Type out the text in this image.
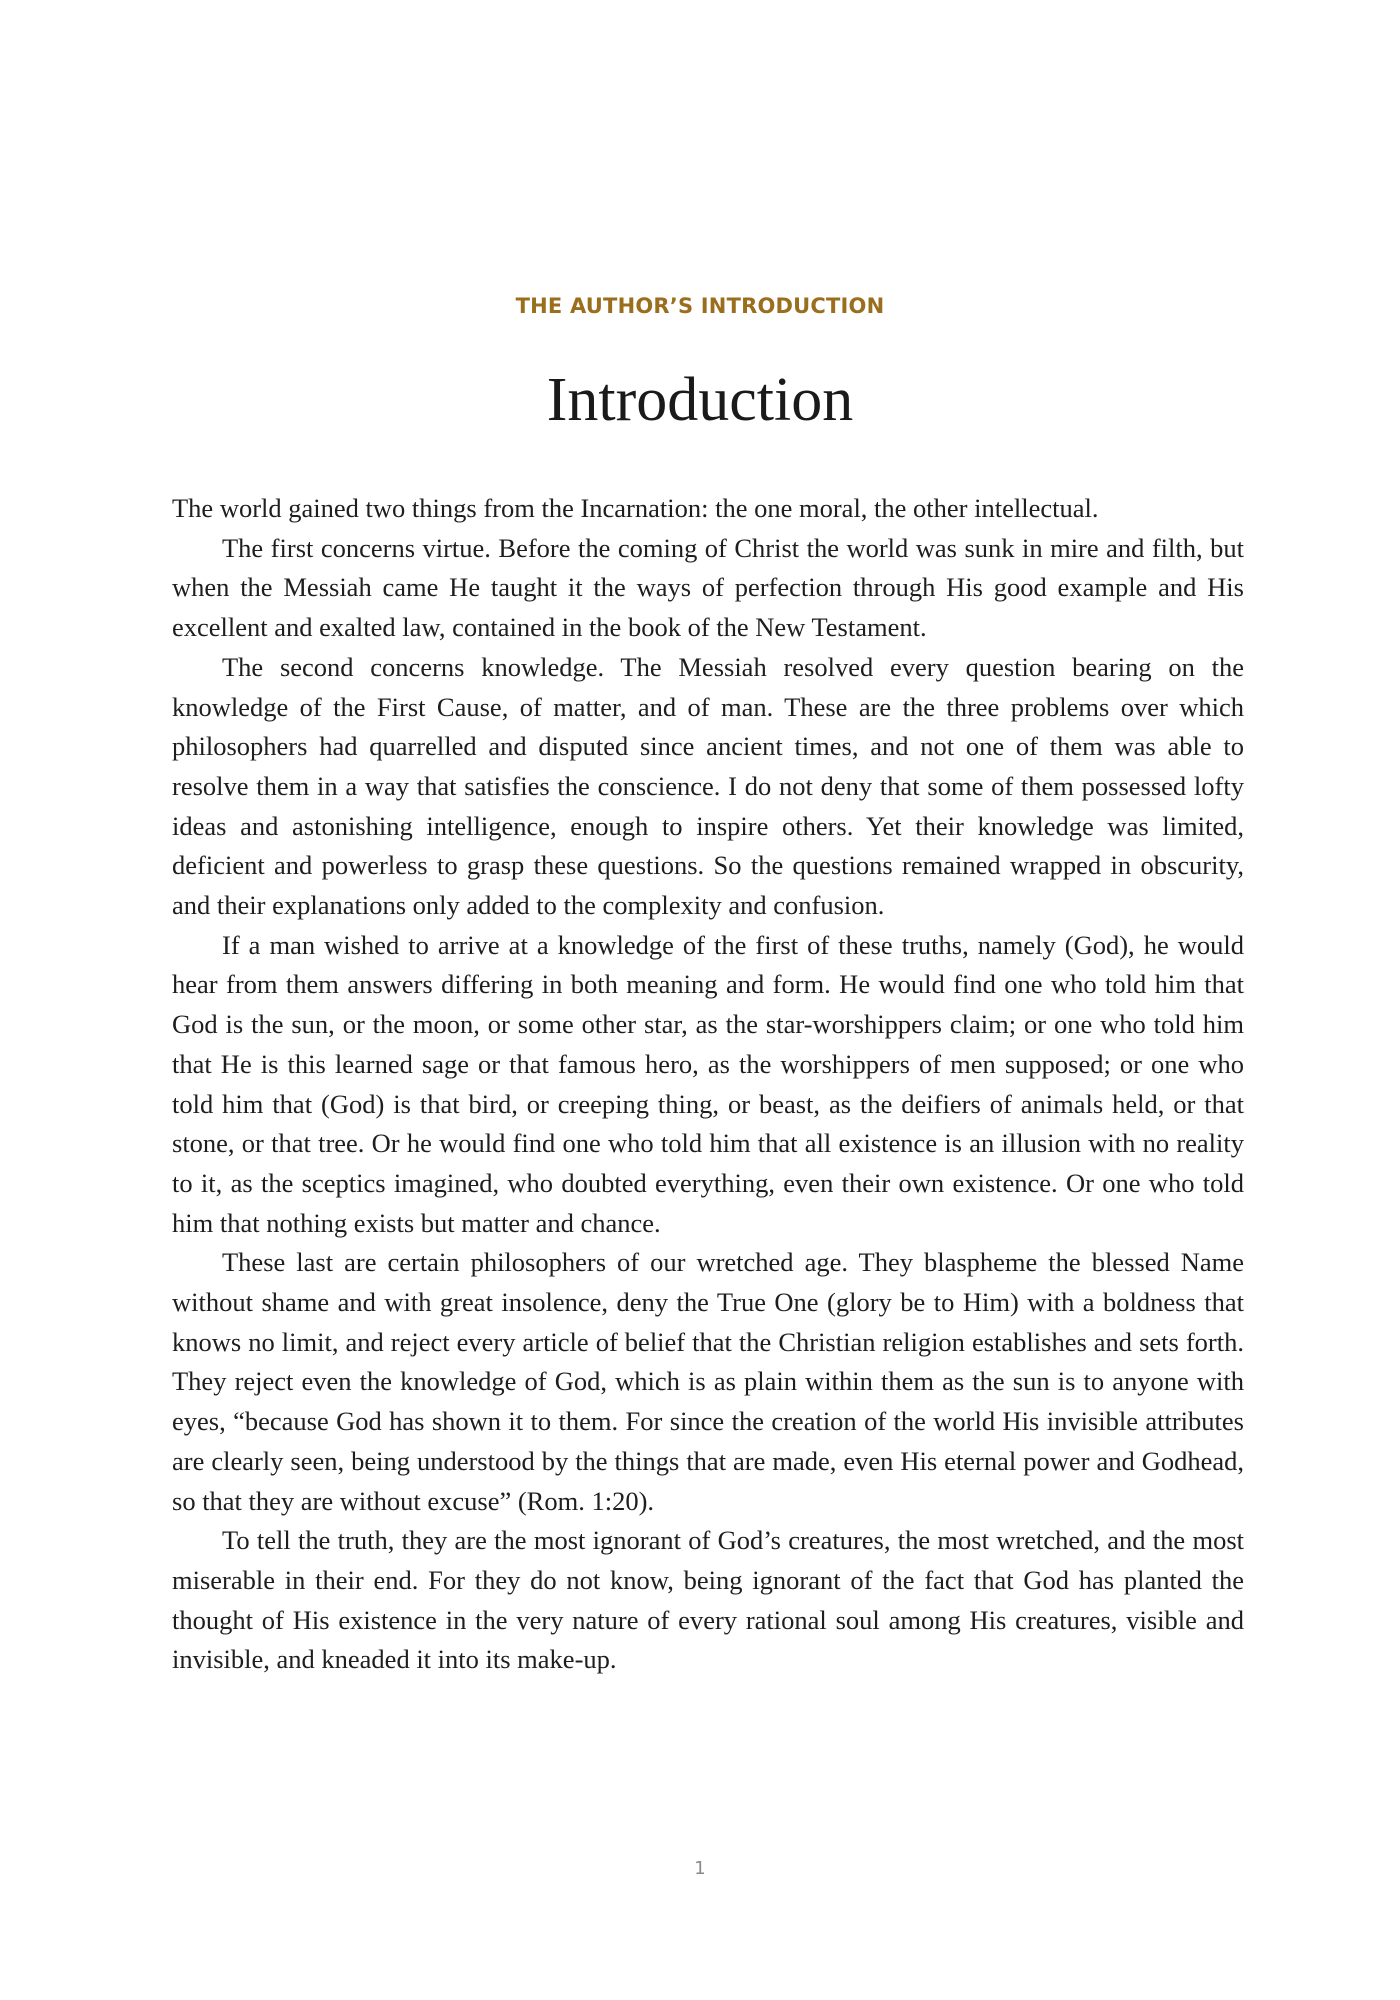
THE AUTHOR’S INTRODUCTION
Introduction

The world gained two things from the Incarnation: the one moral, the other intellectual.

The first concerns virtue. Before the coming of Christ the world was sunk in mire and filth, but when the Messiah came He taught it the ways of perfection through His good example and His excellent and exalted law, contained in the book of the New Testament.

The second concerns knowledge. The Messiah resolved every question bearing on the knowledge of the First Cause, of matter, and of man. These are the three problems over which philosophers had quarrelled and disputed since ancient times, and not one of them was able to resolve them in a way that satisfies the conscience. I do not deny that some of them possessed lofty ideas and astonishing intelligence, enough to inspire others. Yet their knowledge was limited, deficient and powerless to grasp these questions. So the questions remained wrapped in obscurity, and their explanations only added to the complexity and confusion.

If a man wished to arrive at a knowledge of the first of these truths, namely (God), he would hear from them answers differing in both meaning and form. He would find one who told him that God is the sun, or the moon, or some other star, as the star-worshippers claim; or one who told him that He is this learned sage or that famous hero, as the worshippers of men supposed; or one who told him that (God) is that bird, or creeping thing, or beast, as the deifiers of animals held, or that stone, or that tree. Or he would find one who told him that all existence is an illusion with no reality to it, as the sceptics imagined, who doubted everything, even their own existence. Or one who told him that nothing exists but matter and chance.

These last are certain philosophers of our wretched age. They blaspheme the blessed Name without shame and with great insolence, deny the True One (glory be to Him) with a boldness that knows no limit, and reject every article of belief that the Christian religion establishes and sets forth. They reject even the knowledge of God, which is as plain within them as the sun is to anyone with eyes, “because God has shown it to them. For since the creation of the world His invisible attributes are clearly seen, being understood by the things that are made, even His eternal power and Godhead, so that they are without excuse” (Rom. 1:20).

To tell the truth, they are the most ignorant of God’s creatures, the most wretched, and the most miserable in their end. For they do not know, being ignorant of the fact that God has planted the thought of His existence in the very nature of every rational soul among His creatures, visible and invisible, and kneaded it into its make-up.

1
